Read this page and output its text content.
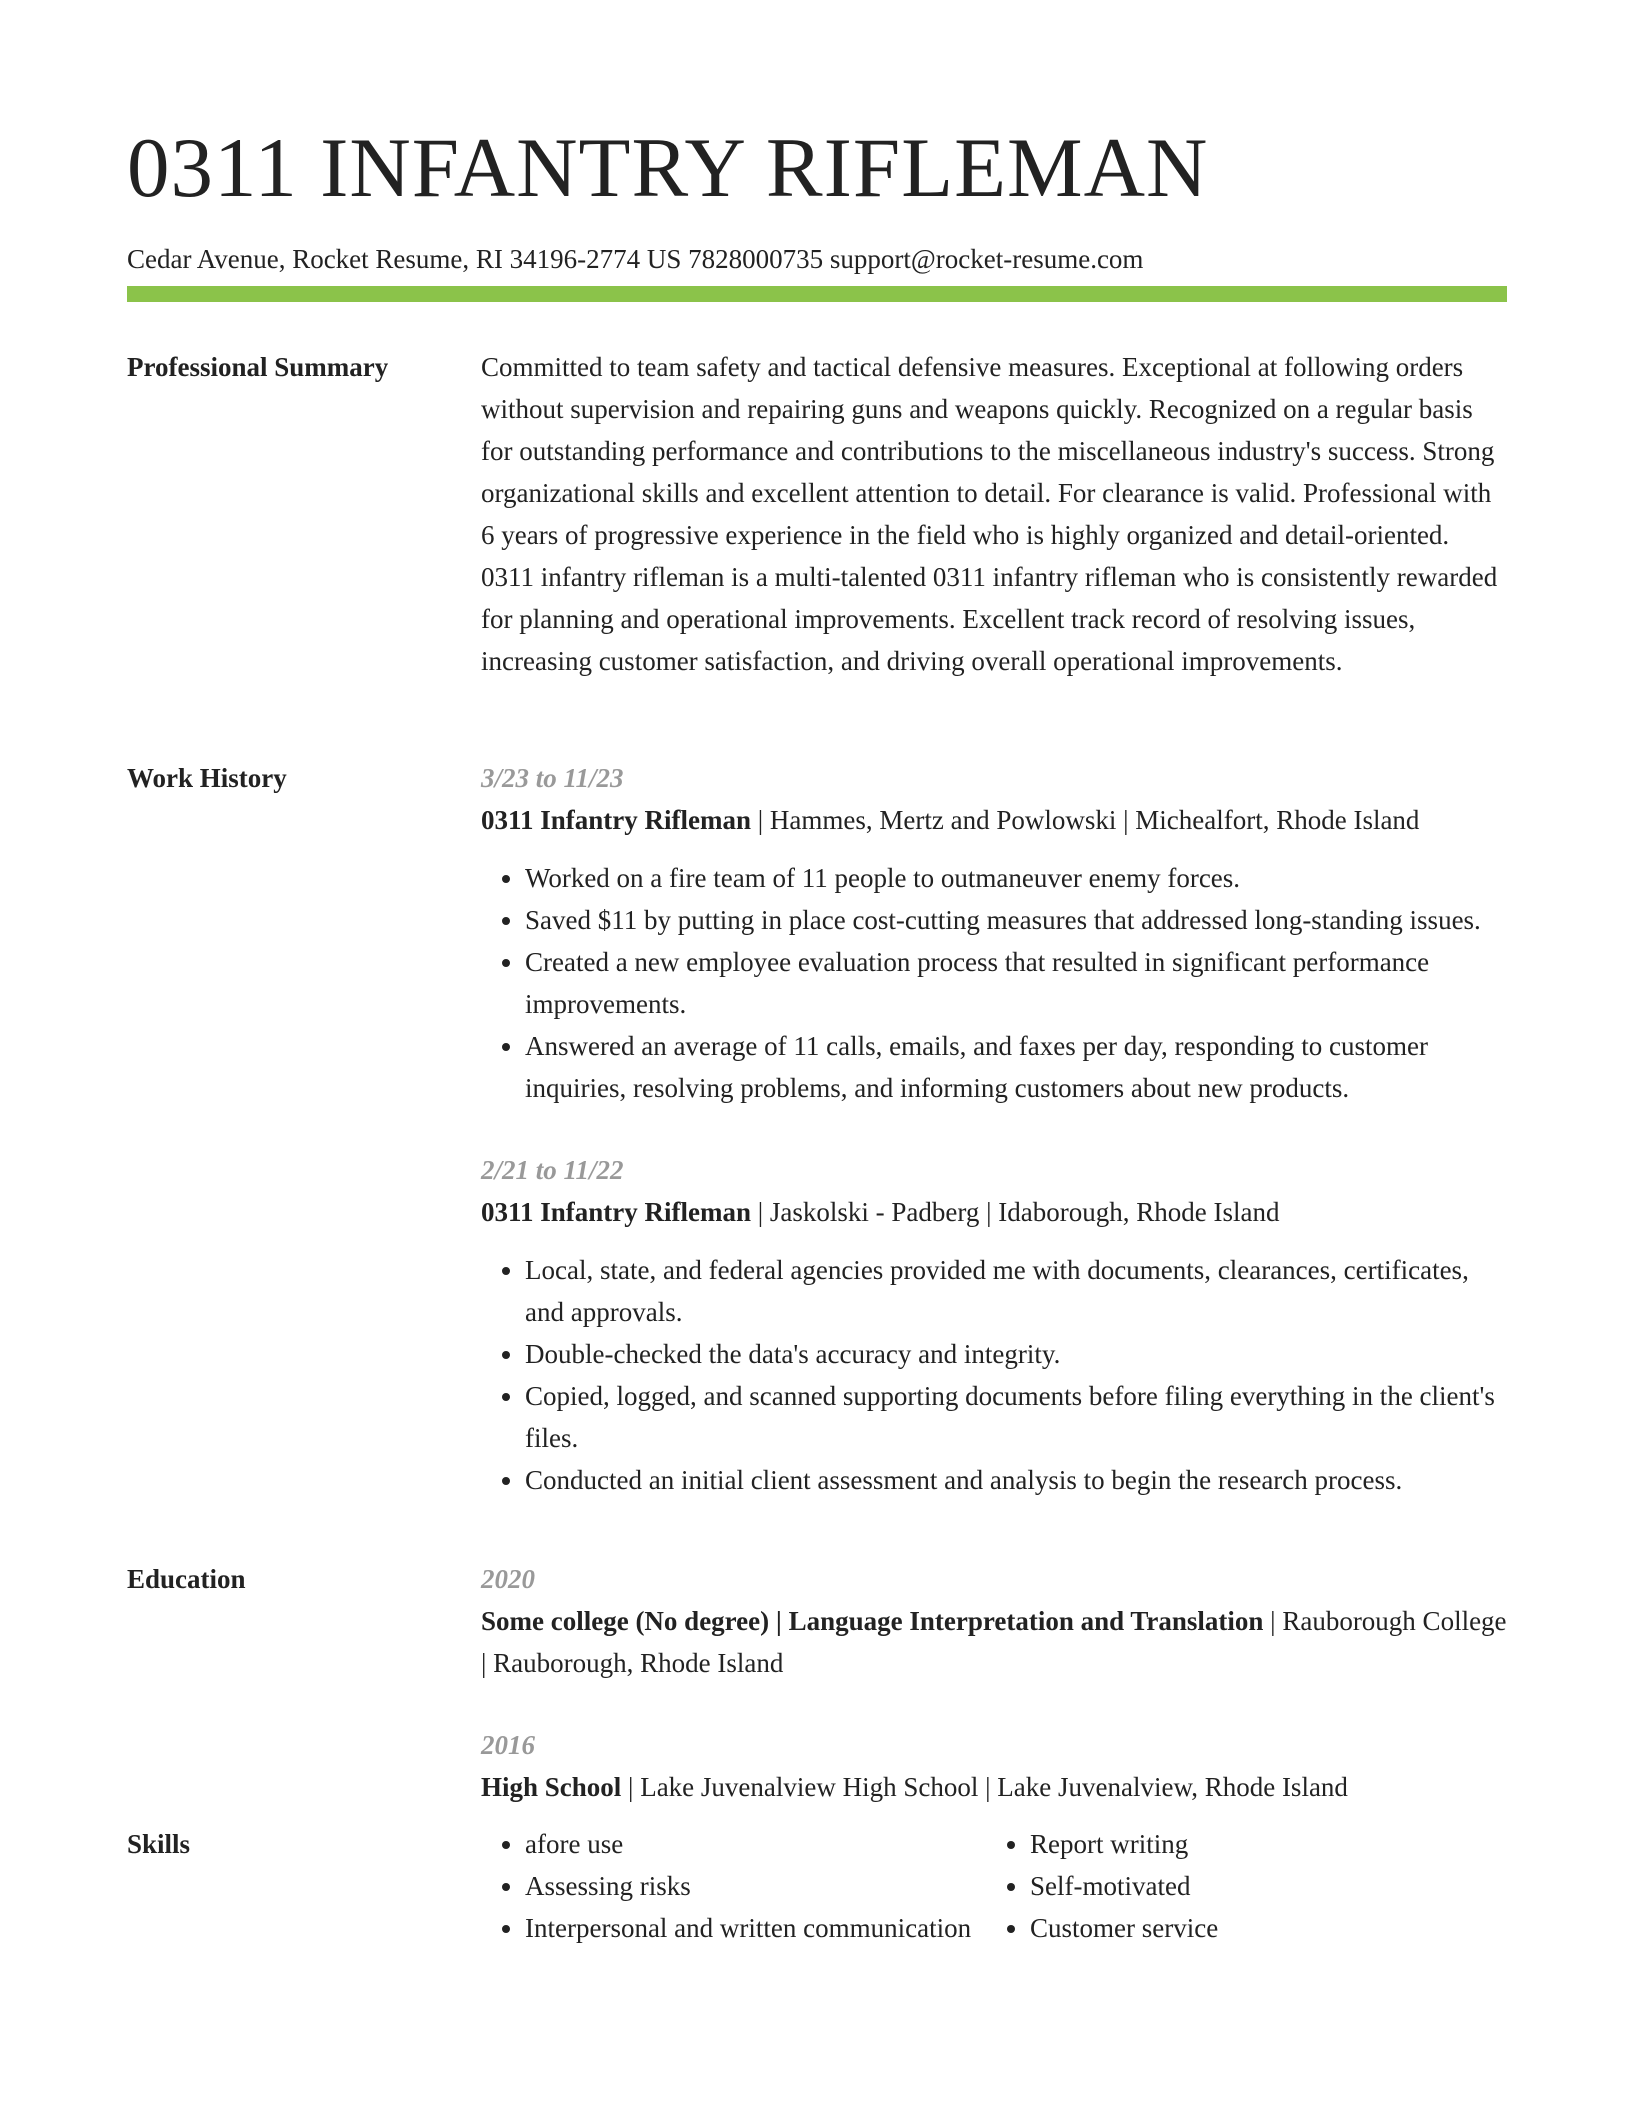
0311 INFANTRY RIFLEMAN
Cedar Avenue, Rocket Resume, RI 34196-2774 US 7828000735 support@rocket-resume.com
Professional Summary	Committed to team safety and tactical defensive measures. Exceptional at following orders without supervision and repairing guns and weapons quickly. Recognized on a regular basis for outstanding performance and contributions to the miscellaneous industry's success. Strong organizational skills and excellent attention to detail. For clearance is valid. Professional with 6 years of progressive experience in the field who is highly organized and detail-oriented. 0311 infantry rifleman is a multi-talented 0311 infantry rifleman who is consistently rewarded for planning and operational improvements. Excellent track record of resolving issues, increasing customer satisfaction, and driving overall operational improvements.

Work History	3/23 to 11/23
0311 Infantry Rifleman | Hammes, Mertz and Powlowski | Michealfort, Rhode Island
• Worked on a fire team of 11 people to outmaneuver enemy forces.
• Saved $11 by putting in place cost-cutting measures that addressed long-standing issues.
• Created a new employee evaluation process that resulted in significant performance improvements.
• Answered an average of 11 calls, emails, and faxes per day, responding to customer inquiries, resolving problems, and informing customers about new products.
2/21 to 11/22
0311 Infantry Rifleman | Jaskolski - Padberg | Idaborough, Rhode Island
• Local, state, and federal agencies provided me with documents, clearances, certificates, and approvals.
• Double-checked the data's accuracy and integrity.
• Copied, logged, and scanned supporting documents before filing everything in the client's files.
• Conducted an initial client assessment and analysis to begin the research process.
Education	2020
Some college (No degree) | Language Interpretation and Translation | Rauborough College | Rauborough, Rhode Island
2016
High School | Lake Juvenalview High School | Lake Juvenalview, Rhode Island
Skills
•	afore use
• Assessing risks
• Interpersonal and written communication
• Report writing
• Self-motivated
• Customer service
